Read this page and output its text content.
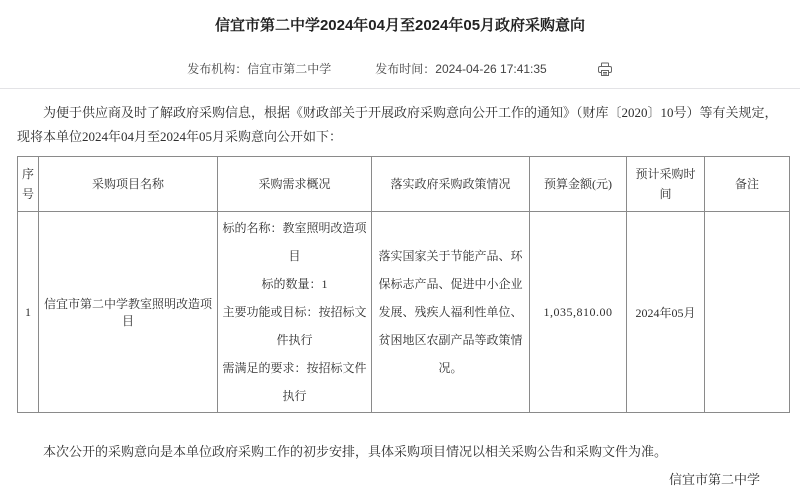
信宜市第二中学2024年04月至2024年05月政府采购意向
发布机构：信宜市第二中学	发布时间：2024-04-26 17:41:35
为便于供应商及时了解政府采购信息，根据《财政部关于开展政府采购意向公开工作的通知》（财库〔2020〕10号）等有关规定，现将本单位2024年04月至2024年05月采购意向公开如下：
序号	采购项目名称	采购需求概况	落实政府采购政策情况	预算金额(元)	预计采购时间	备注
1	信宜市第二中学教室照明改造项目	标的名称：教室照明改造项目
标的数量：1
主要功能或目标：按招标文件执行
需满足的要求：按招标文件执行	落实国家关于节能产品、环保标志产品、促进中小企业发展、残疾人福利性单位、贫困地区农副产品等政策情况。	1,035,810.00	2024年05月	
本次公开的采购意向是本单位政府采购工作的初步安排，具体采购项目情况以相关采购公告和采购文件为准。
信宜市第二中学
